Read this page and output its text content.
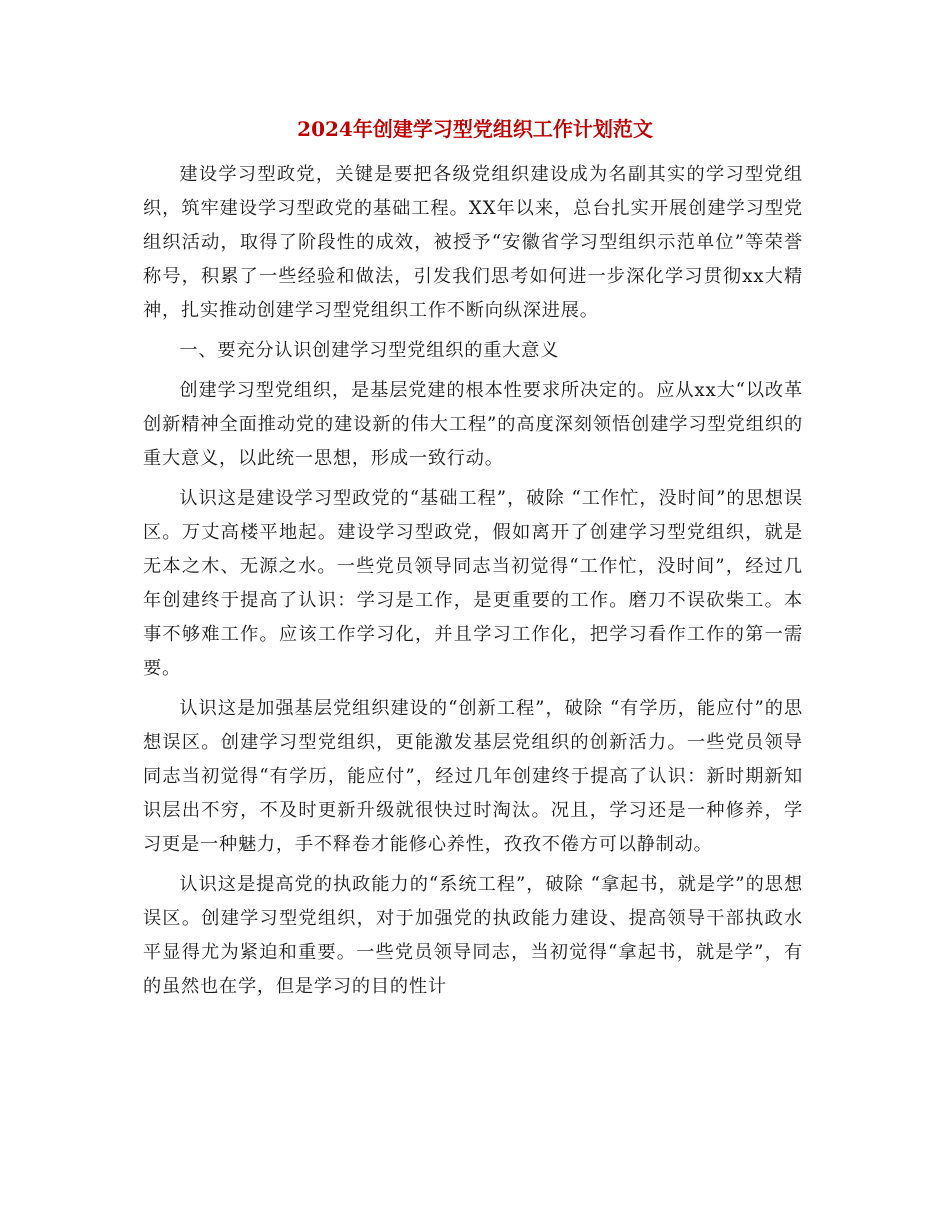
2024年创建学习型党组织工作计划范文

建设学习型政党，关键是要把各级党组织建设成为名副其实的学习型党组织，筑牢建设学习型政党的基础工程。XX年以来，总台扎实开展创建学习型党组织活动，取得了阶段性的成效，被授予“安徽省学习型组织示范单位”等荣誉称号，积累了一些经验和做法，引发我们思考如何进一步深化学习贯彻xx大精神，扎实推动创建学习型党组织工作不断向纵深进展。

一、要充分认识创建学习型党组织的重大意义

创建学习型党组织，是基层党建的根本性要求所决定的。应从xx大“以改革创新精神全面推动党的建设新的伟大工程”的高度深刻领悟创建学习型党组织的重大意义，以此统一思想，形成一致行动。

认识这是建设学习型政党的“基础工程”，破除 “工作忙，没时间”的思想误区。万丈高楼平地起。建设学习型政党，假如离开了创建学习型党组织，就是无本之木、无源之水。一些党员领导同志当初觉得“工作忙，没时间”，经过几年创建终于提高了认识：学习是工作，是更重要的工作。磨刀不误砍柴工。本事不够难工作。应该工作学习化，并且学习工作化，把学习看作工作的第一需要。

认识这是加强基层党组织建设的“创新工程”，破除 “有学历，能应付”的思想误区。创建学习型党组织，更能激发基层党组织的创新活力。一些党员领导同志当初觉得“有学历，能应付”，经过几年创建终于提高了认识：新时期新知识层出不穷，不及时更新升级就很快过时淘汰。况且，学习还是一种修养，学习更是一种魅力，手不释卷才能修心养性，孜孜不倦方可以静制动。

认识这是提高党的执政能力的“系统工程”，破除 “拿起书，就是学”的思想误区。创建学习型党组织，对于加强党的执政能力建设、提高领导干部执政水平显得尤为紧迫和重要。一些党员领导同志，当初觉得“拿起书，就是学”，有的虽然也在学，但是学习的目的性计
